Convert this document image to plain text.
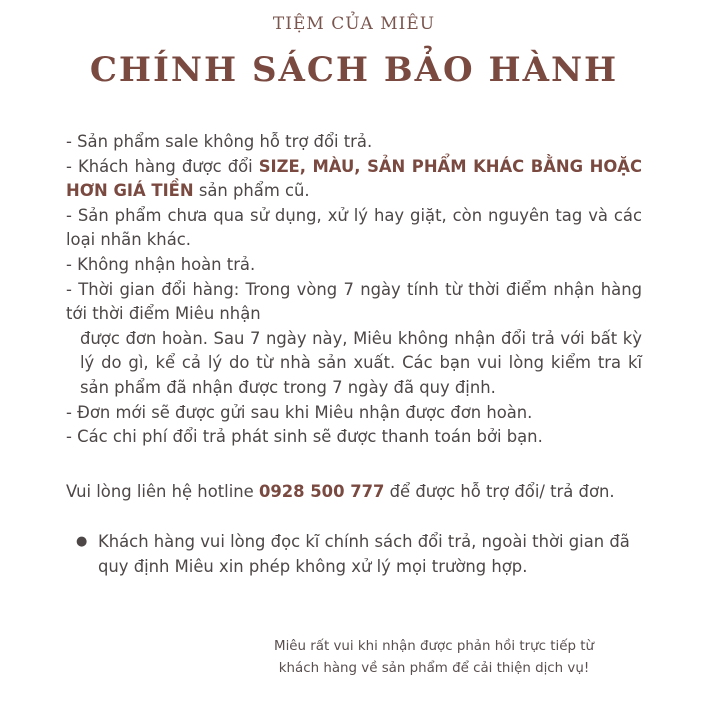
TIỆM CỦA MIÊU
CHÍNH SÁCH BẢO HÀNH

- Sản phẩm sale không hỗ trợ đổi trả.

- Khách hàng được đổi SIZE, MÀU, SẢN PHẨM KHÁC BẰNG HOẶC HƠN GIÁ TIỀN sản phẩm cũ.

- Sản phẩm chưa qua sử dụng, xử lý hay giặt, còn nguyên tag và các loại nhãn khác.

- Không nhận hoàn trả.

- Thời gian đổi hàng: Trong vòng 7 ngày tính từ thời điểm nhận hàng tới thời điểm Miêu nhận

được đơn hoàn. Sau 7 ngày này, Miêu không nhận đổi trả với bất kỳ lý do gì, kể cả lý do từ nhà sản xuất. Các bạn vui lòng kiểm tra kĩ sản phẩm đã nhận được trong 7 ngày đã quy định.

- Đơn mới sẽ được gửi sau khi Miêu nhận được đơn hoàn.

- Các chi phí đổi trả phát sinh sẽ được thanh toán bởi bạn.

Vui lòng liên hệ hotline 0928 500 777 để được hỗ trợ đổi/ trả đơn.
● Khách hàng vui lòng đọc kĩ chính sách đổi trả, ngoài thời gian đã quy định Miêu xin phép không xử lý mọi trường hợp.
Miêu rất vui khi nhận được phản hồi trực tiếp từ
khách hàng về sản phẩm để cải thiện dịch vụ!
